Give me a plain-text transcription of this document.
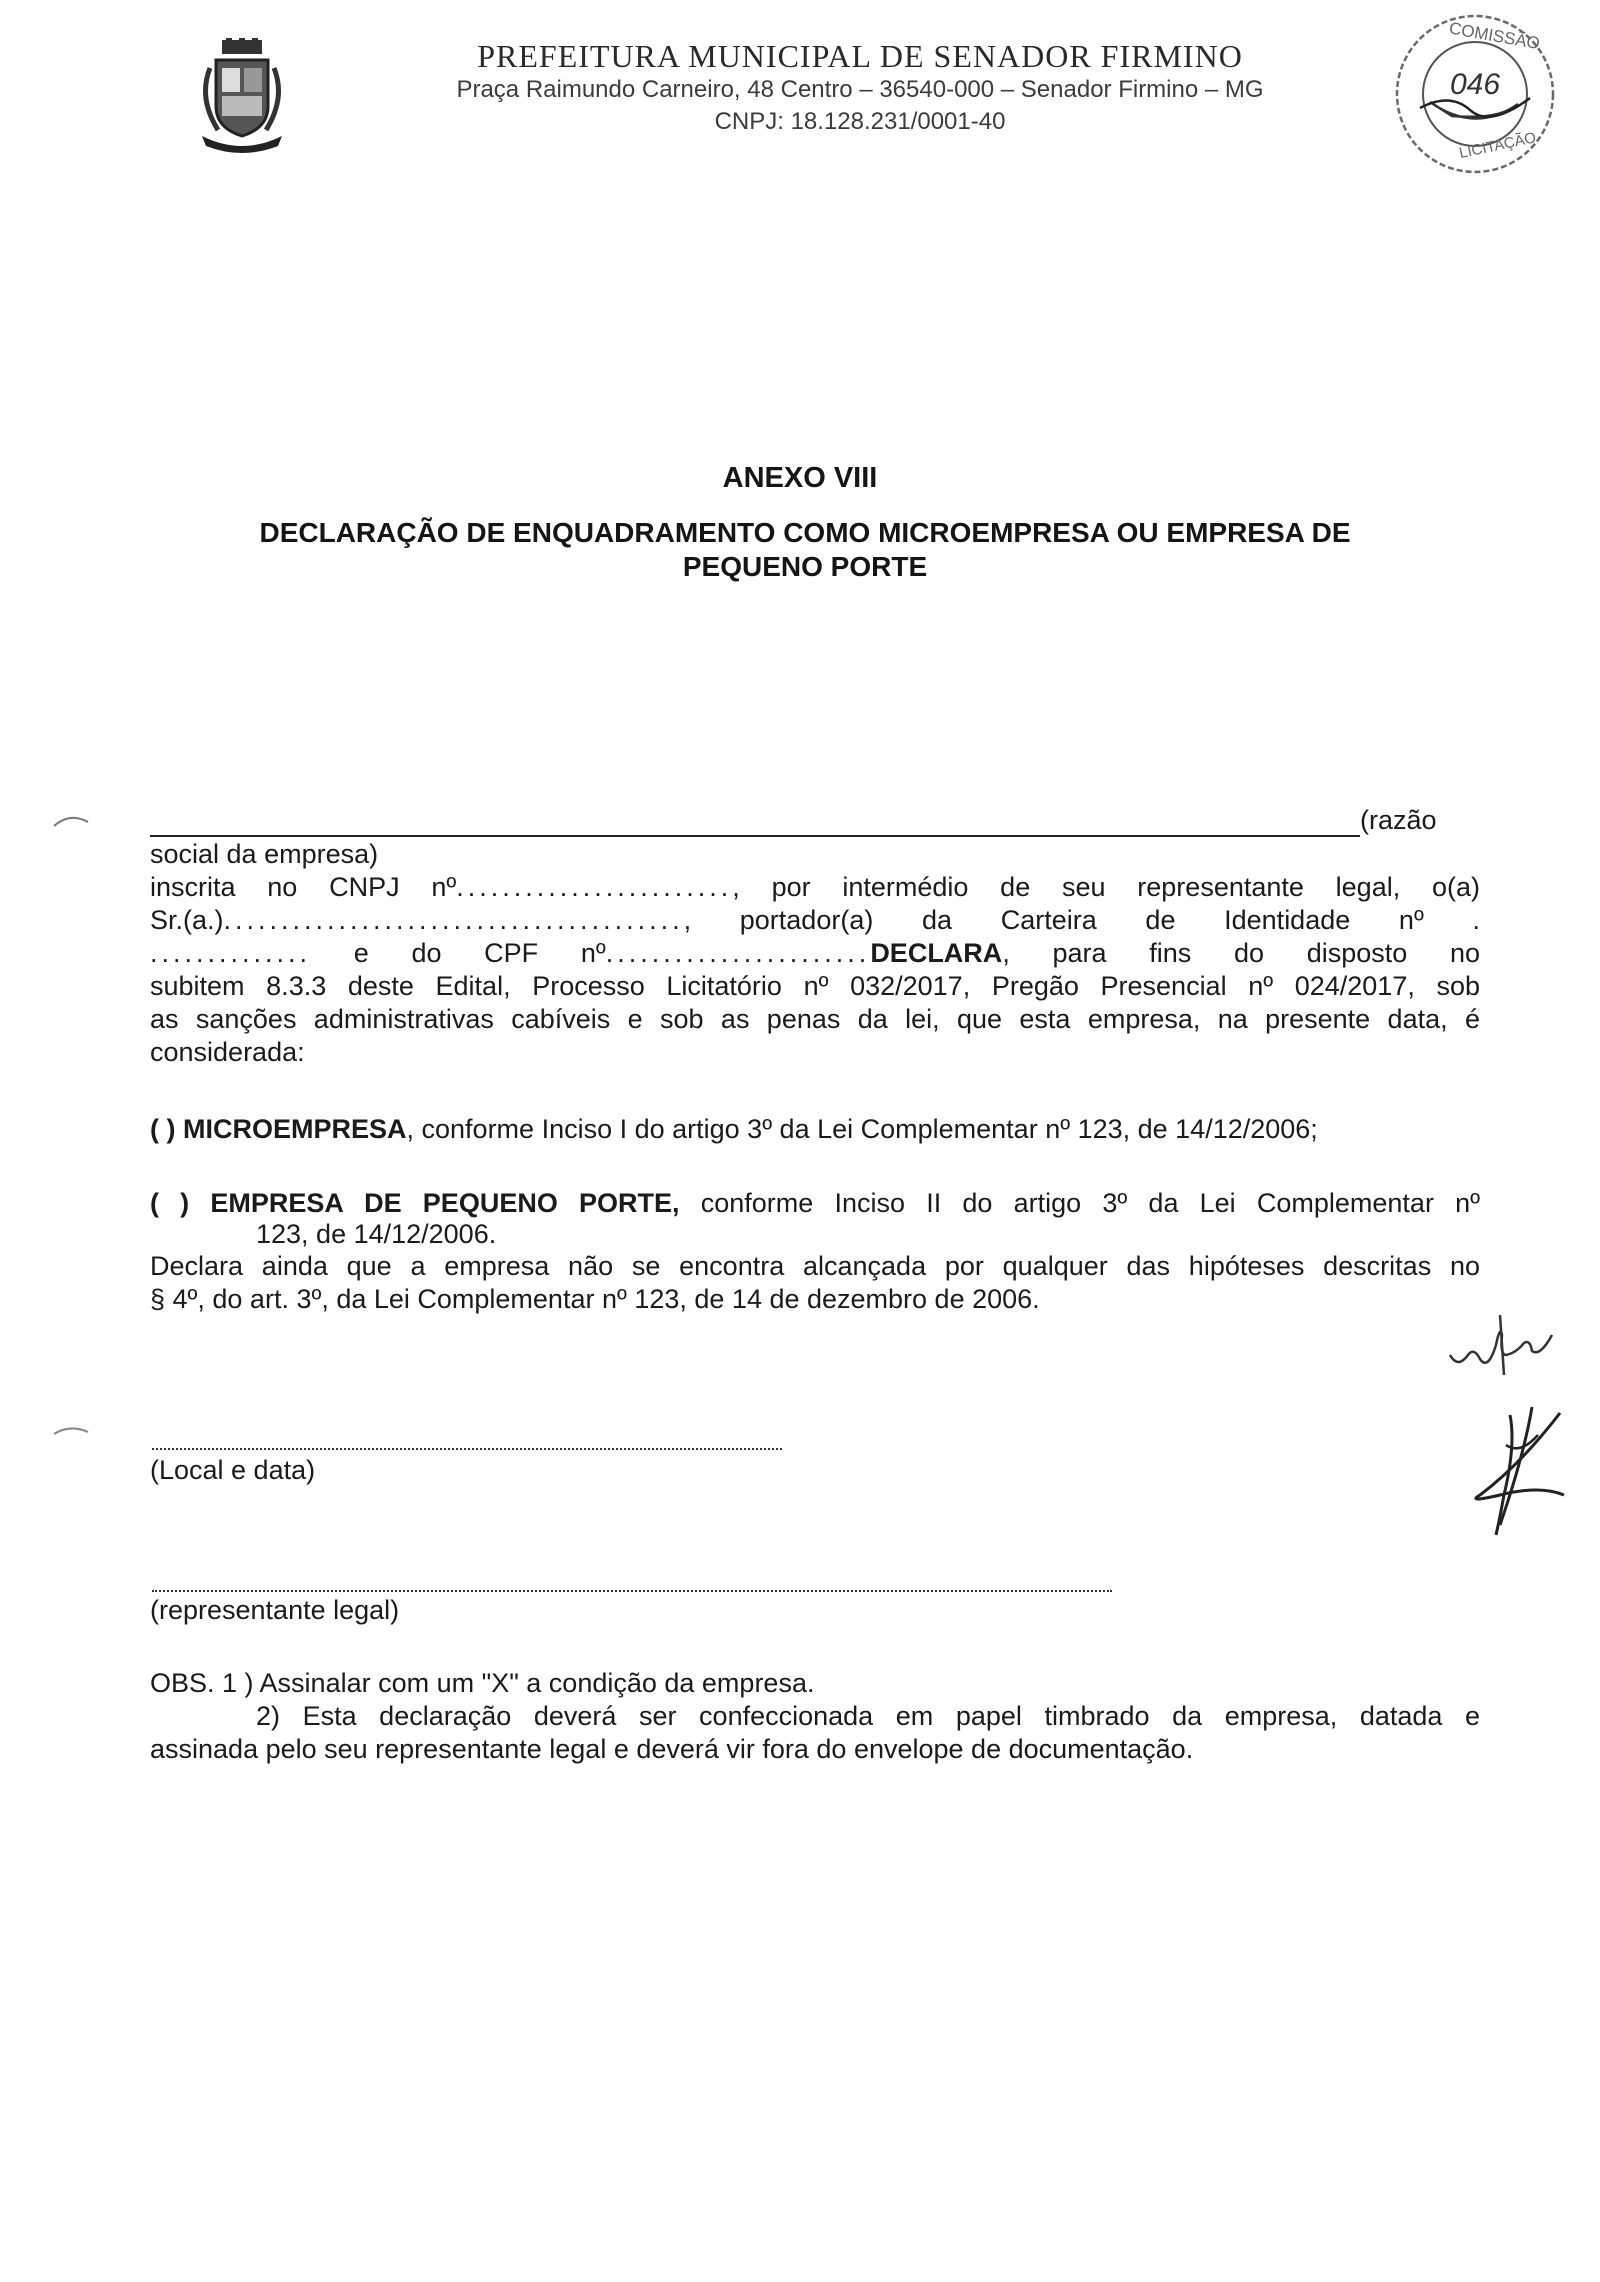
PREFEITURA MUNICIPAL DE SENADOR FIRMINO
Praça Raimundo Carneiro, 48 Centro – 36540-000 – Senador Firmino – MG
CNPJ: 18.128.231/0001-40
COMISSÃO
046
LICITAÇÃO
ANEXO VIII
DECLARAÇÃO DE ENQUADRAMENTO COMO MICROEMPRESA OU EMPRESA DE PEQUENO PORTE
(razão
social da empresa)
inscrita no CNPJ nº........................, por intermédio de seu representante legal, o(a)
Sr.(a.)........................................, portador(a) da Carteira de Identidade nº .
.............. e do CPF nº.......................DECLARA, para fins do disposto no
subitem 8.3.3 deste Edital, Processo Licitatório nº 032/2017, Pregão Presencial nº 024/2017, sob
as sanções administrativas cabíveis e sob as penas da lei, que esta empresa, na presente data, é
considerada:
( ) MICROEMPRESA, conforme Inciso I do artigo 3º da Lei Complementar nº 123, de 14/12/2006;
( ) EMPRESA DE PEQUENO PORTE, conforme Inciso II do artigo 3º da Lei Complementar nº
123, de 14/12/2006.
Declara ainda que a empresa não se encontra alcançada por qualquer das hipóteses descritas no
§ 4º, do art. 3º, da Lei Complementar nº 123, de 14 de dezembro de 2006.
(Local e data)
(representante legal)
OBS. 1 ) Assinalar com um "X" a condição da empresa.
2) Esta declaração deverá ser confeccionada em papel timbrado da empresa, datada e
assinada pelo seu representante legal e deverá vir fora do envelope de documentação.
